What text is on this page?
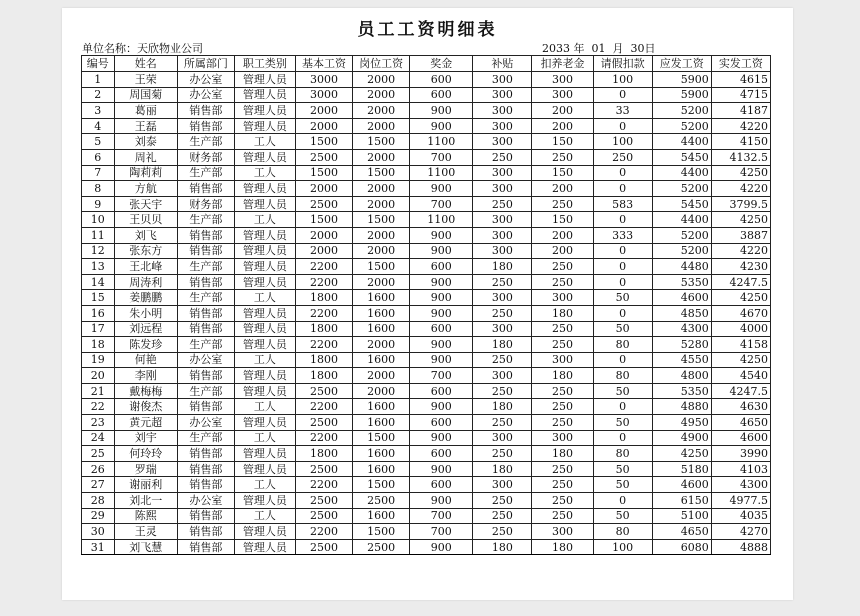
员工工资明细表
单位名称：天欣物业公司	2033 年  01  月  30日
编号	姓名	所属部门	职工类别	基本工资	岗位工资	奖金	补贴	扣养老金	请假扣款	应发工资	实发工资
1	王荣	办公室	管理人员	3000	2000	600	300	300	100	5900	4615
2	周国菊	办公室	管理人员	3000	2000	600	300	300	0	5900	4715
3	葛丽	销售部	管理人员	2000	2000	900	300	200	33	5200	4187
4	王磊	销售部	管理人员	2000	2000	900	300	200	0	5200	4220
5	刘泰	生产部	工人	1500	1500	1100	300	150	100	4400	4150
6	周礼	财务部	管理人员	2500	2000	700	250	250	250	5450	4132.5
7	陶莉莉	生产部	工人	1500	1500	1100	300	150	0	4400	4250
8	方航	销售部	管理人员	2000	2000	900	300	200	0	5200	4220
9	张天宇	财务部	管理人员	2500	2000	700	250	250	583	5450	3799.5
10	王贝贝	生产部	工人	1500	1500	1100	300	150	0	4400	4250
11	刘飞	销售部	管理人员	2000	2000	900	300	200	333	5200	3887
12	张东方	销售部	管理人员	2000	2000	900	300	200	0	5200	4220
13	王北峰	生产部	管理人员	2200	1500	600	180	250	0	4480	4230
14	周涛利	销售部	管理人员	2200	2000	900	250	250	0	5350	4247.5
15	姜鹏鹏	生产部	工人	1800	1600	900	300	300	50	4600	4250
16	朱小明	销售部	管理人员	2200	1600	900	250	180	0	4850	4670
17	刘远程	销售部	管理人员	1800	1600	600	300	250	50	4300	4000
18	陈发珍	生产部	管理人员	2200	2000	900	180	250	80	5280	4158
19	何艳	办公室	工人	1800	1600	900	250	300	0	4550	4250
20	李刚	销售部	管理人员	1800	2000	700	300	180	80	4800	4540
21	戴梅梅	生产部	管理人员	2500	2000	600	250	250	50	5350	4247.5
22	谢俊杰	销售部	工人	2200	1600	900	180	250	0	4880	4630
23	黄元超	办公室	管理人员	2500	1600	600	250	250	50	4950	4650
24	刘宇	生产部	工人	2200	1500	900	300	300	0	4900	4600
25	何玲玲	销售部	管理人员	1800	1600	600	250	180	80	4250	3990
26	罗瑞	销售部	管理人员	2500	1600	900	180	250	50	5180	4103
27	谢丽利	销售部	工人	2200	1500	600	300	250	50	4600	4300
28	刘北一	办公室	管理人员	2500	2500	900	250	250	0	6150	4977.5
29	陈熙	销售部	工人	2500	1600	700	250	250	50	5100	4035
30	王灵	销售部	管理人员	2200	1500	700	250	300	80	4650	4270
31	刘飞慧	销售部	管理人员	2500	2500	900	180	180	100	6080	4888
